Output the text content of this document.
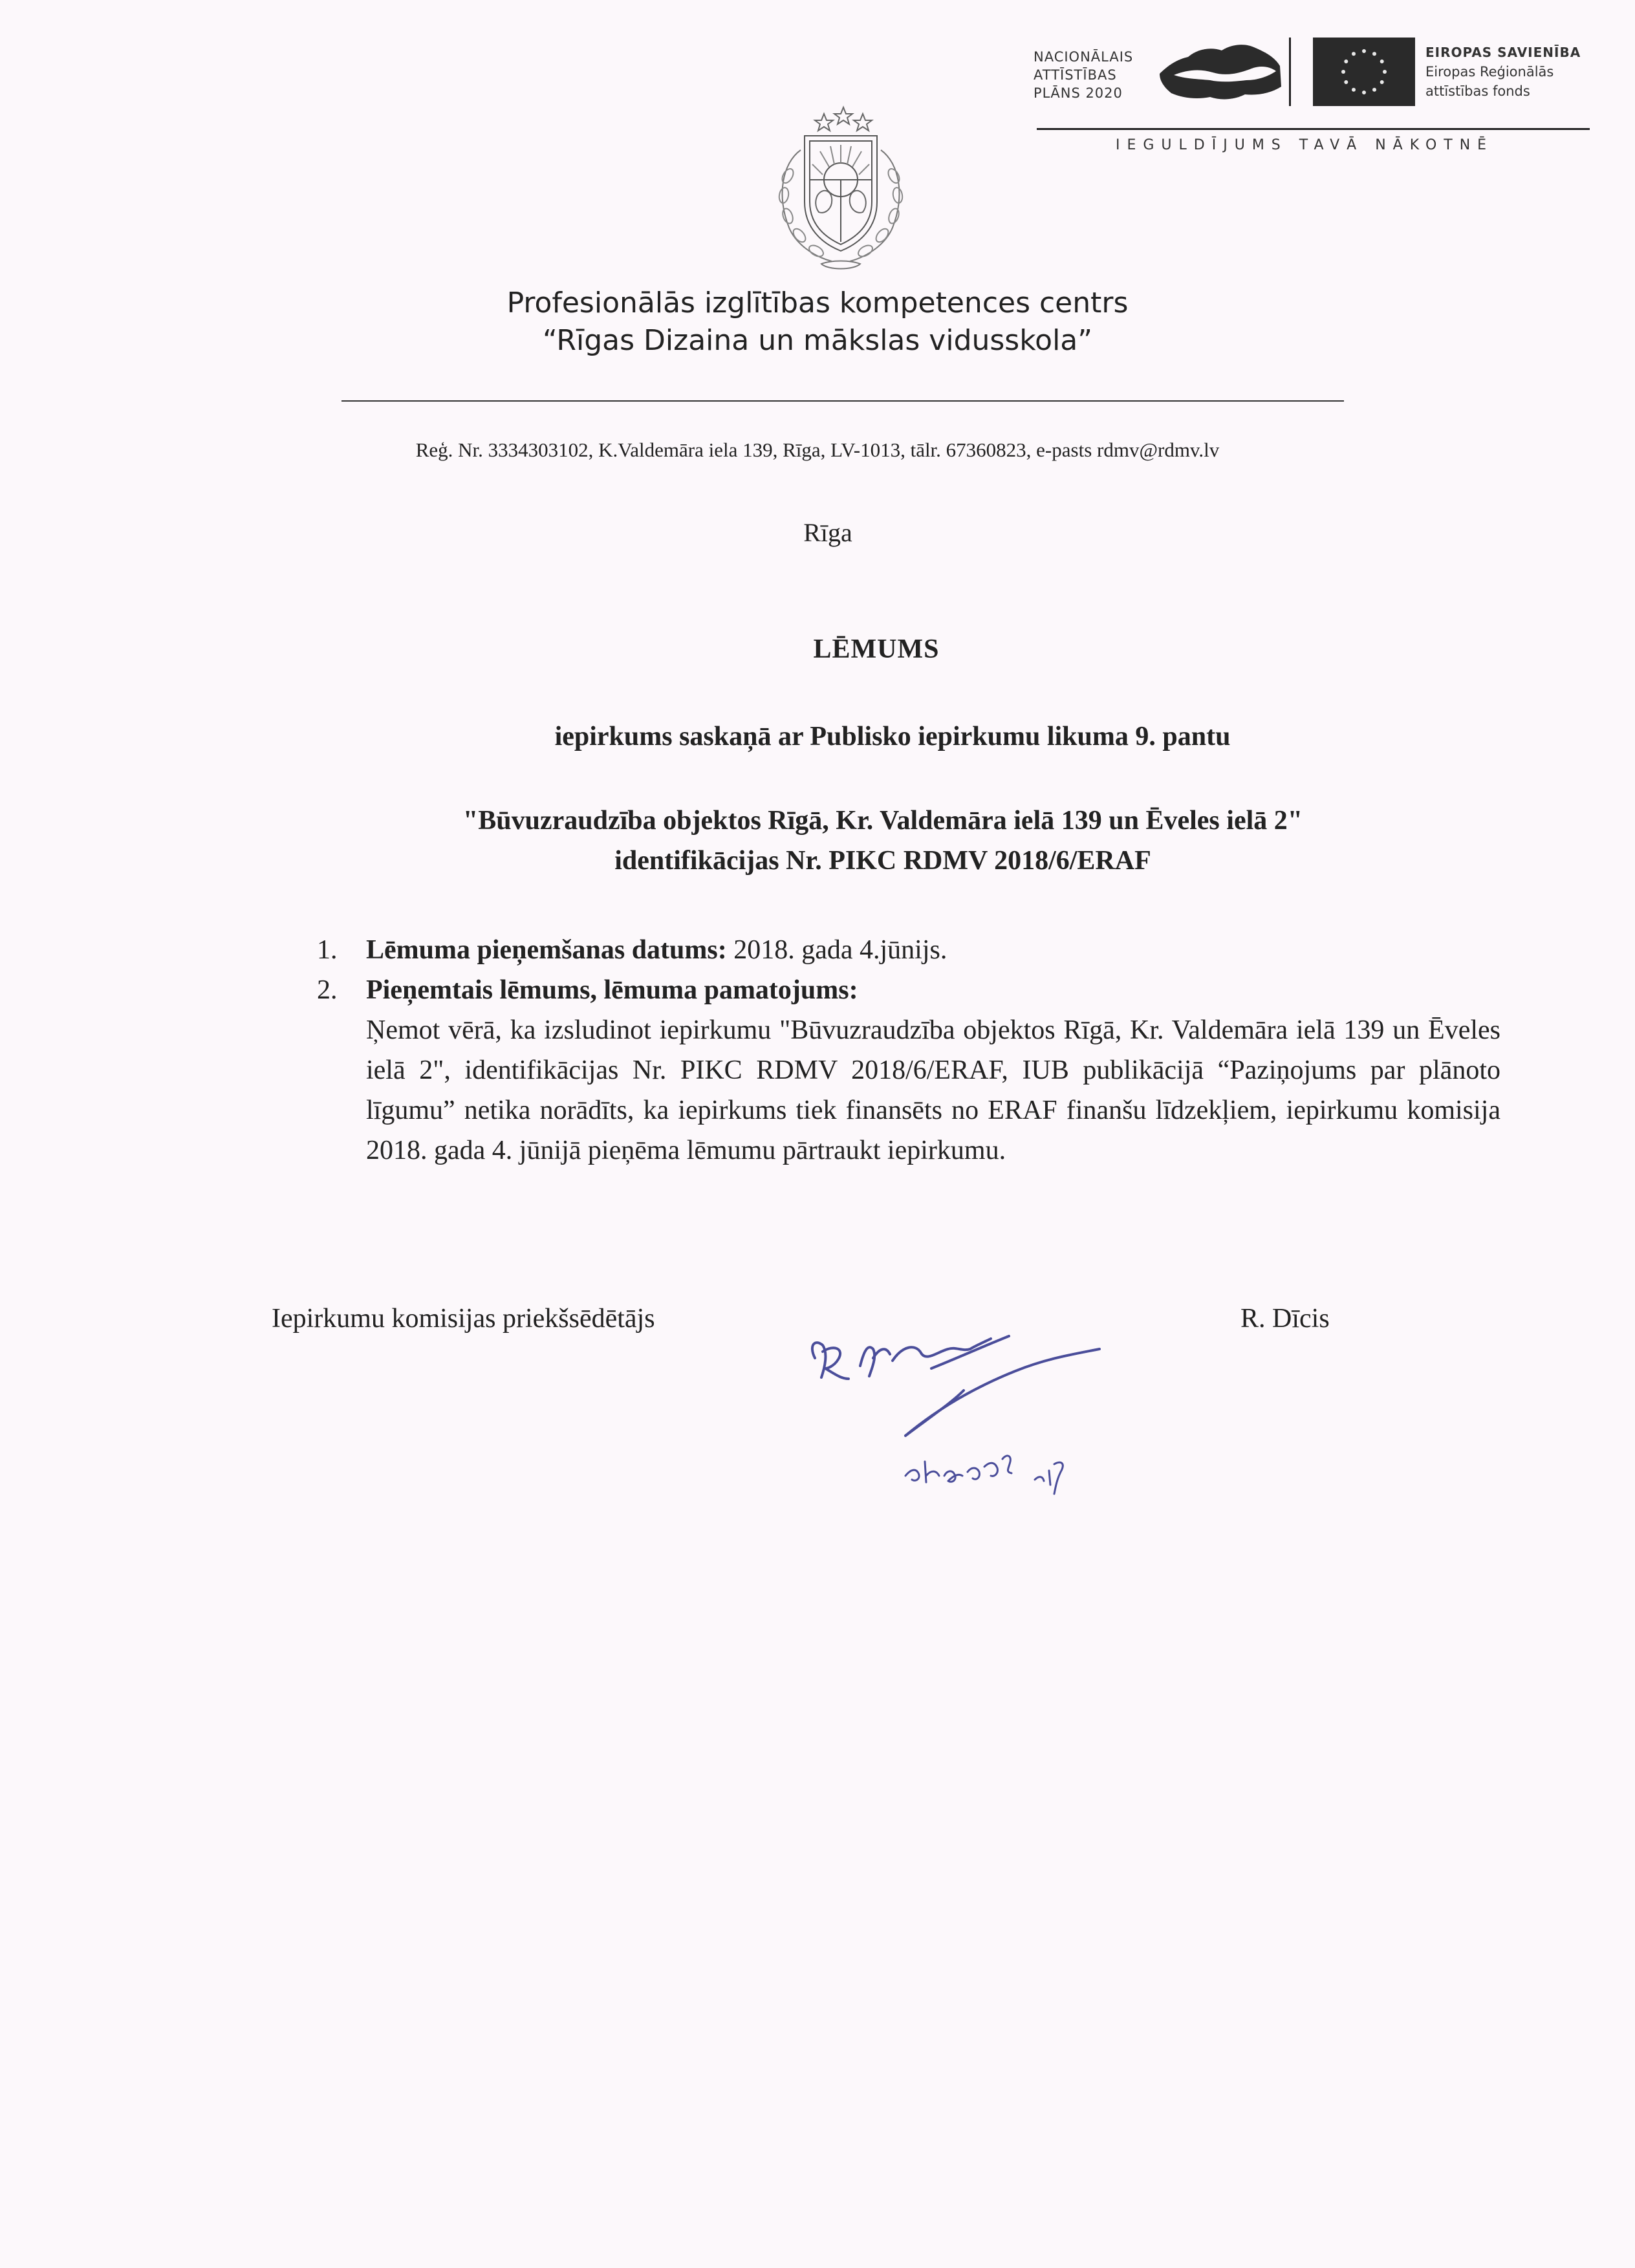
NACIONĀLAIS
ATTĪSTĪBAS
PLĀNS 2020
EIROPAS SAVIENĪBA
Eiropas Reģionālās
attīstības fonds
IEGULDĪJUMS TAVĀ NĀKOTNĒ
Profesionālās izglītības kompetences centrs
“Rīgas Dizaina un mākslas vidusskola”
Reģ. Nr. 3334303102, K.Valdemāra iela 139, Rīga, LV-1013, tālr. 67360823, e-pasts rdmv@rdmv.lv
Rīga
LĒMUMS
iepirkums saskaņā ar Publisko iepirkumu likuma 9. pantu
"Būvuzraudzība objektos Rīgā, Kr. Valdemāra ielā 139 un Ēveles ielā 2"
identifikācijas Nr. PIKC RDMV 2018/6/ERAF
1.	Lēmuma pieņemšanas datums: 2018. gada 4.jūnijs.
2.	Pieņemtais lēmums, lēmuma pamatojums:

Ņemot vērā, ka izsludinot iepirkumu "Būvuzraudzība objektos Rīgā, Kr. Valdemāra ielā 139 un Ēveles ielā 2", identifikācijas Nr. PIKC RDMV 2018/6/ERAF, IUB publikācijā “Paziņojums par plānoto līgumu” netika norādīts, ka iepirkums tiek finansēts no ERAF finanšu līdzekļiem, iepirkumu komisija 2018. gada 4. jūnijā pieņēma lēmumu pārtraukt iepirkumu.

Iepirkumu komisijas priekšsēdētājs	R. Dīcis
